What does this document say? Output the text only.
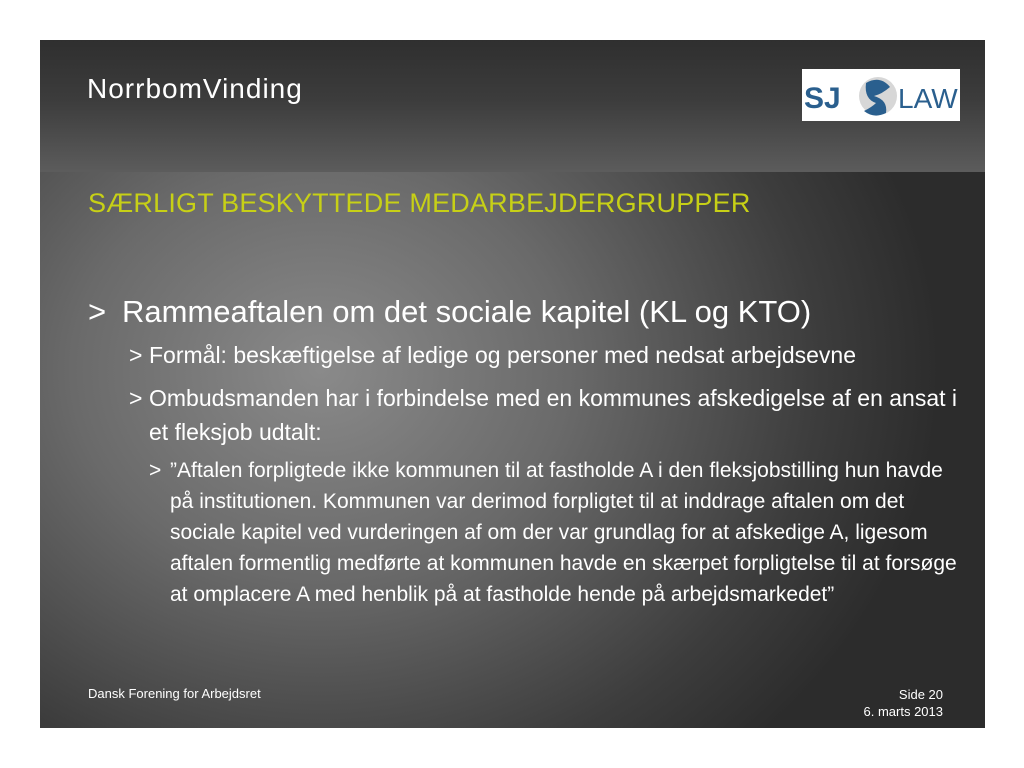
NorrbomVinding	SJ LAW
SÆRLIGT BESKYTTEDE MEDARBEJDERGRUPPER
> Rammeaftalen om det sociale kapitel (KL og KTO)
> Formål: beskæftigelse af ledige og personer med nedsat arbejdsevne
> Ombudsmanden har i forbindelse med en kommunes afskedigelse af en ansat i et fleksjob udtalt:
> ”Aftalen forpligtede ikke kommunen til at fastholde A i den fleksjobstilling hun havde på institutionen. Kommunen var derimod forpligtet til at inddrage aftalen om det sociale kapitel ved vurderingen af om der var grundlag for at afskedige A, ligesom aftalen formentlig medførte at kommunen havde en skærpet forpligtelse til at forsøge at omplacere A med henblik på at fastholde hende på arbejdsmarkedet”
Dansk Forening for Arbejdsret	Side 20
6. marts 2013
